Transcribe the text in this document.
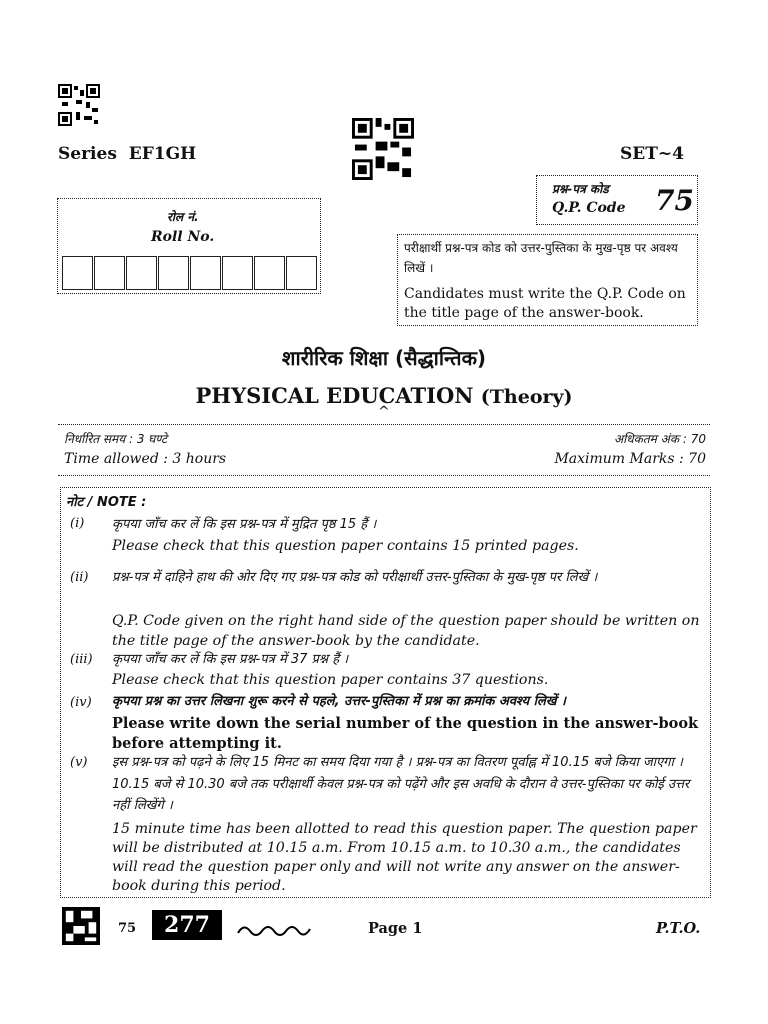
Series  EF1GH	SET~4
प्रश्न-पत्र कोड
Q.P. Code 75
रोल नं.
Roll No.
परीक्षार्थी प्रश्न-पत्र कोड को उत्तर-पुस्तिका के मुख-पृष्ठ पर अवश्य लिखें ।
Candidates must write the Q.P. Code on the title page of the answer-book.
शारीरिक शिक्षा (सैद्धान्तिक)
PHYSICAL EDUCATION (Theory)
^
निर्धारित समय : 3 घण्टे	अधिकतम अंक : 70
Time allowed : 3 hours	Maximum Marks : 70
नोट / NOTE :
(i) कृपया जाँच कर लें कि इस प्रश्न-पत्र में मुद्रित पृष्ठ 15 हैं ।
Please check that this question paper contains 15 printed pages.
(ii) प्रश्न-पत्र में दाहिने हाथ की ओर दिए गए प्रश्न-पत्र कोड को परीक्षार्थी उत्तर-पुस्तिका के मुख-पृष्ठ पर लिखें ।
Q.P. Code given on the right hand side of the question paper should be written on the title page of the answer-book by the candidate.
(iii) कृपया जाँच कर लें कि इस प्रश्न-पत्र में 37 प्रश्न हैं ।
Please check that this question paper contains 37 questions.
(iv) कृपया प्रश्न का उत्तर लिखना शुरू करने से पहले, उत्तर-पुस्तिका में प्रश्न का क्रमांक अवश्य लिखें ।
Please write down the serial number of the question in the answer-book before attempting it.
(v) इस प्रश्न-पत्र को पढ़ने के लिए 15 मिनट का समय दिया गया है । प्रश्न-पत्र का वितरण पूर्वाह्न में 10.15 बजे किया जाएगा । 10.15 बजे से 10.30 बजे तक परीक्षार्थी केवल प्रश्न-पत्र को पढ़ेंगे और इस अवधि के दौरान वे उत्तर-पुस्तिका पर कोई उत्तर नहीं लिखेंगे ।
15 minute time has been allotted to read this question paper. The question paper will be distributed at 10.15 a.m. From 10.15 a.m. to 10.30 a.m., the candidates will read the question paper only and will not write any answer on the answer-book during this period.
75	277	Page 1	P.T.O.
